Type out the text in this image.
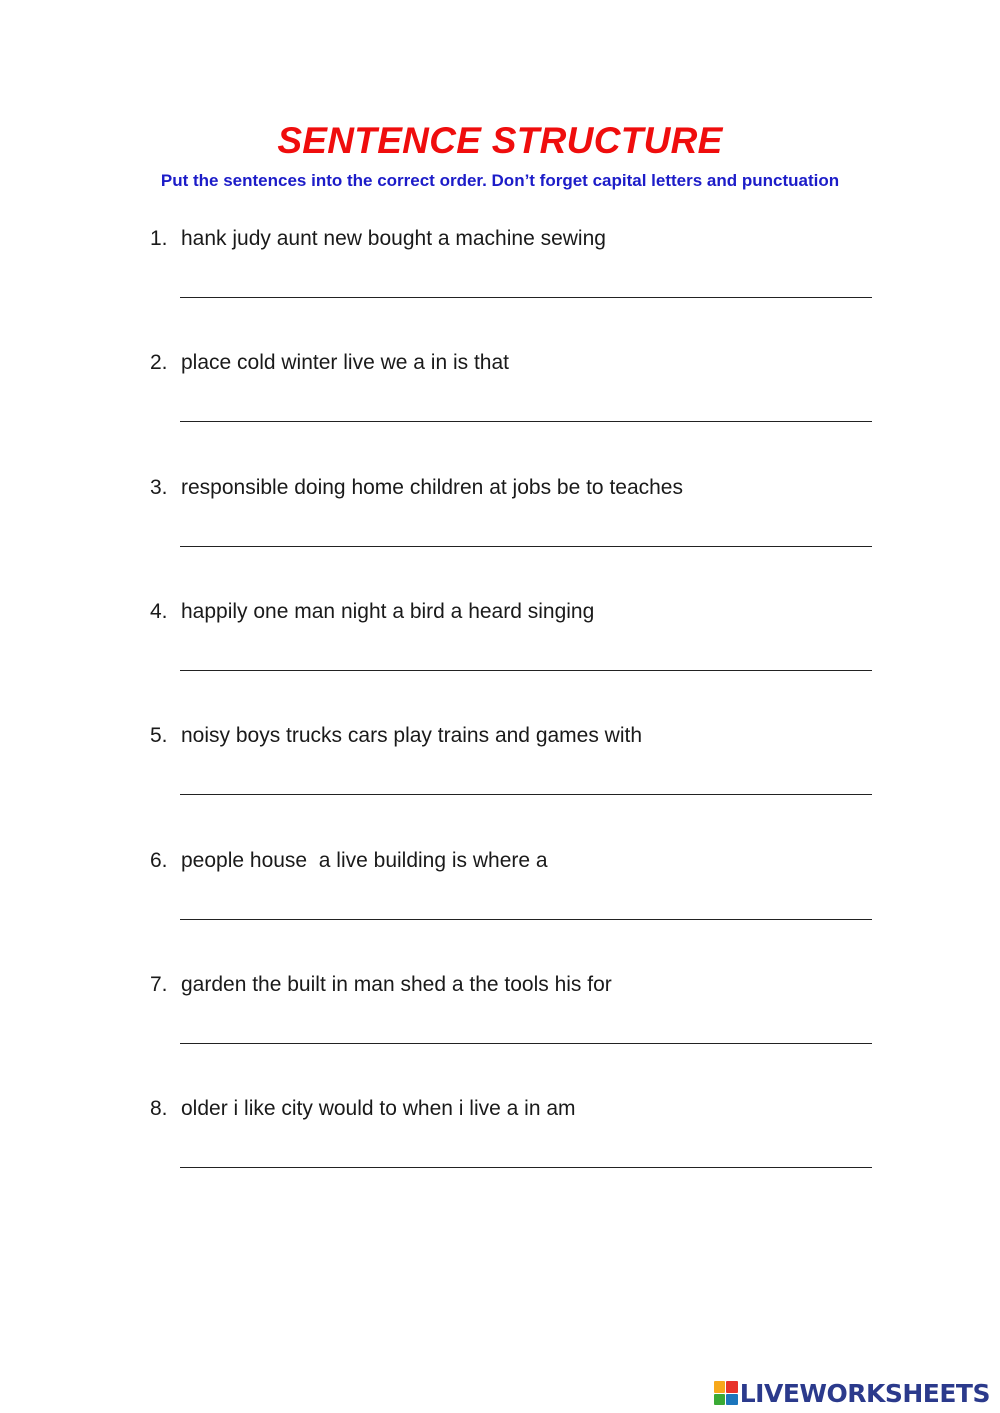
SENTENCE STRUCTURE
Put the sentences into the correct order. Don’t forget capital letters and punctuation
1. hank judy aunt new bought a machine sewing
2. place cold winter live we a in is that
3. responsible doing home children at jobs be to teaches
4. happily one man night a bird a heard singing
5. noisy boys trucks cars play trains and games with
6. people house  a live building is where a
7. garden the built in man shed a the tools his for
8. older i like city would to when i live a in am
LIVEWORKSHEETS
